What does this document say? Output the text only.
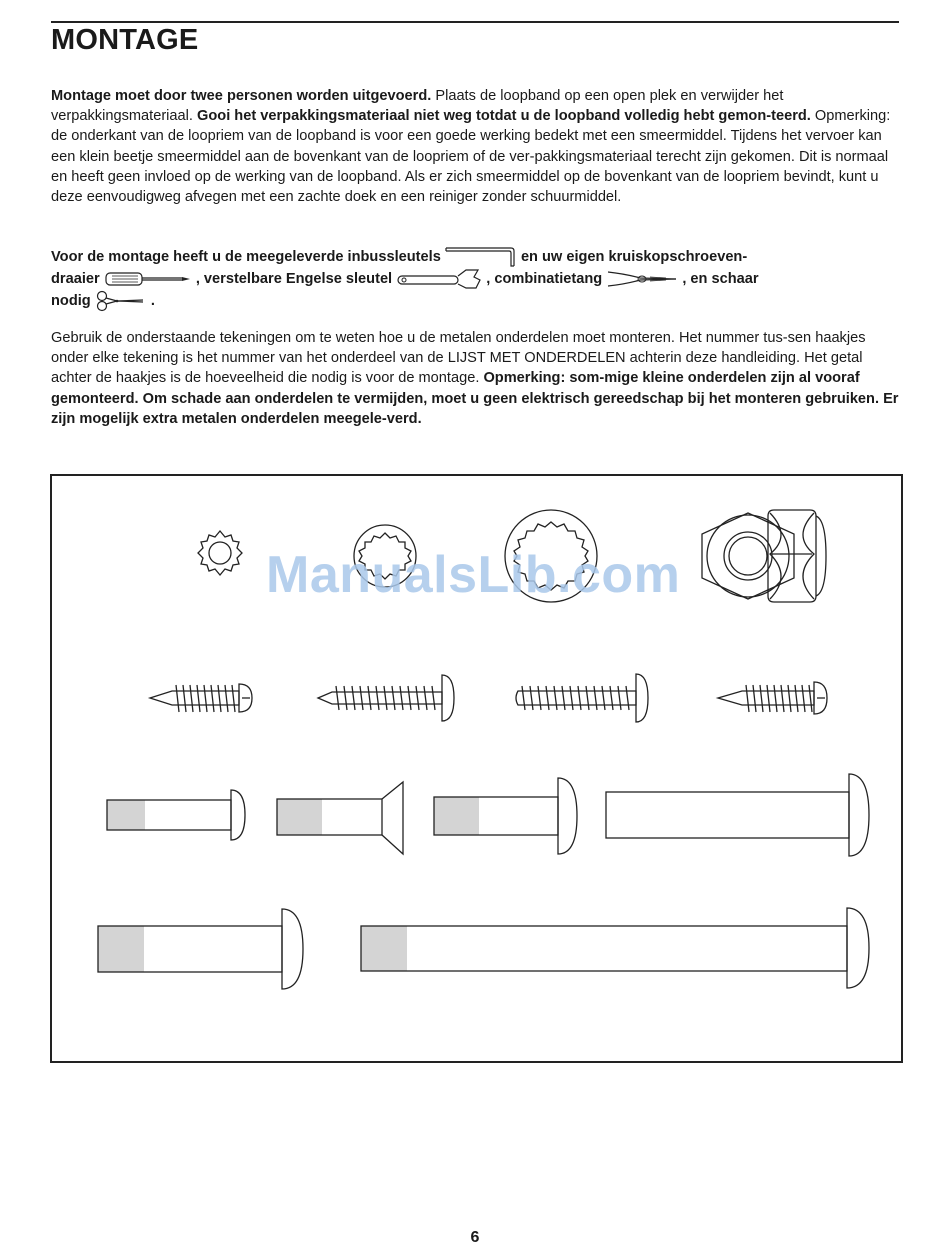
MONTAGE
Montage moet door twee personen worden uitgevoerd. Plaats de loopband op een open plek en verwijder het verpakkingsmateriaal. Gooi het verpakkingsmateriaal niet weg totdat u de loopband volledig hebt gemon-teerd. Opmerking: de onderkant van de loopriem van de loopband is voor een goede werking bedekt met een smeermiddel. Tijdens het vervoer kan een klein beetje smeermiddel aan de bovenkant van de loopriem of de ver-pakkingsmateriaal terecht zijn gekomen. Dit is normaal en heeft geen invloed op de werking van de loopband. Als er zich smeermiddel op de bovenkant van de loopriem bevindt, kunt u deze eenvoudigweg afvegen met een zachte doek en een reiniger zonder schuurmiddel.
Voor de montage heeft u de meegeleverde inbussleutels	en uw eigen kruiskopschroeven-
draaier	, verstelbare Engelse sleutel	, combinatietang	, en schaar
nodig	.
Gebruik de onderstaande tekeningen om te weten hoe u de metalen onderdelen moet monteren. Het nummer tus-sen haakjes onder elke tekening is het nummer van het onderdeel van de LIJST MET ONDERDELEN achterin deze handleiding. Het getal achter de haakjes is de hoeveelheid die nodig is voor de montage. Opmerking: som-mige kleine onderdelen zijn al vooraf gemonteerd. Om schade aan onderdelen te vermijden, moet u geen elektrisch gereedschap bij het monteren gebruiken. Er zijn mogelijk extra metalen onderdelen meegele-verd.
ManualsLib.com
6
